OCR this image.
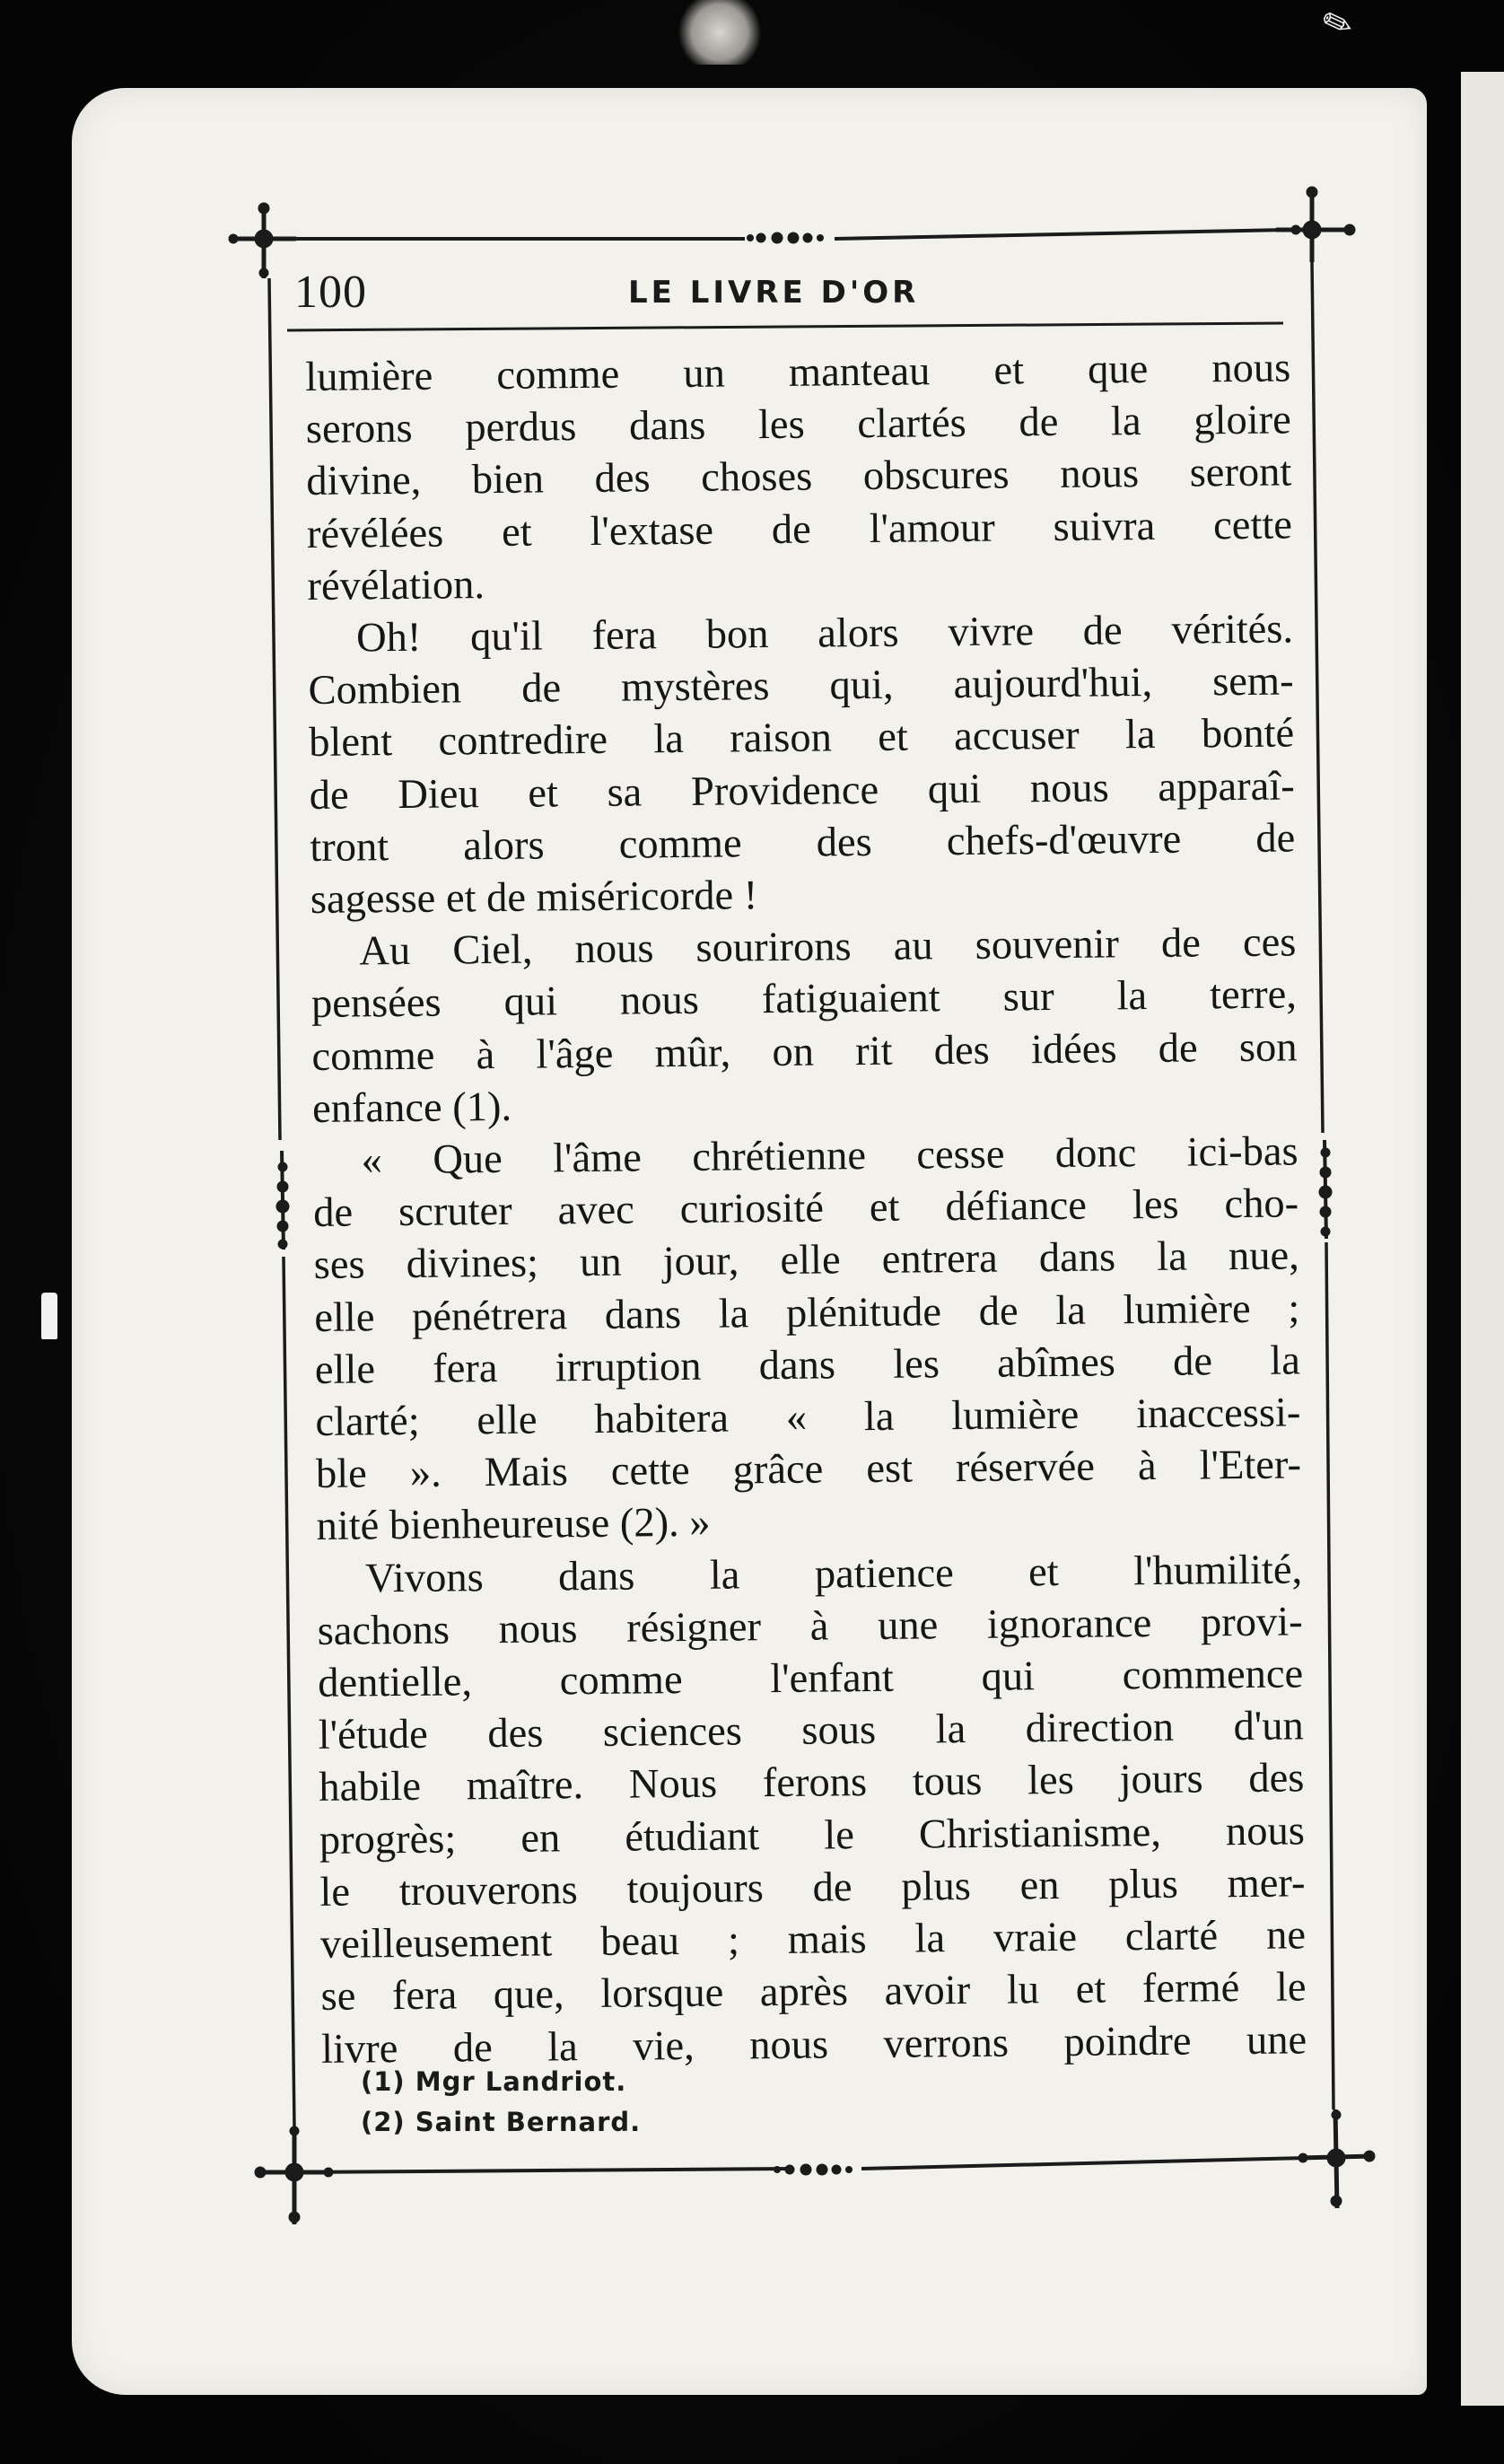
✎
100	LE LIVRE D'OR

lumière comme un manteau et que nous
serons perdus dans les clartés de la gloire
divine, bien des choses obscures nous seront
révélées et l'extase de l'amour suivra cette
révélation.

Oh! qu'il fera bon alors vivre de vérités.
Combien de mystères qui, aujourd'hui, sem-
blent contredire la raison et accuser la bonté
de Dieu et sa Providence qui nous apparaî-
tront alors comme des chefs-d'œuvre de
sagesse et de miséricorde !

Au Ciel, nous sourirons au souvenir de ces
pensées qui nous fatiguaient sur la terre,
comme à l'âge mûr, on rit des idées de son
enfance (1).

« Que l'âme chrétienne cesse donc ici-bas
de scruter avec curiosité et défiance les cho-
ses divines; un jour, elle entrera dans la nue,
elle pénétrera dans la plénitude de la lumière ;
elle fera irruption dans les abîmes de la
clarté; elle habitera « la lumière inaccessi-
ble ». Mais cette grâce est réservée à l'Eter-
nité bienheureuse (2). »

Vivons dans la patience et l'humilité,
sachons nous résigner à une ignorance provi-
dentielle, comme l'enfant qui commence
l'étude des sciences sous la direction d'un
habile maître. Nous ferons tous les jours des
progrès; en étudiant le Christianisme, nous
le trouverons toujours de plus en plus mer-
veilleusement beau ; mais la vraie clarté ne
se fera que, lorsque après avoir lu et fermé le
livre de la vie, nous verrons poindre une

(1) Mgr Landriot.
(2) Saint Bernard.
